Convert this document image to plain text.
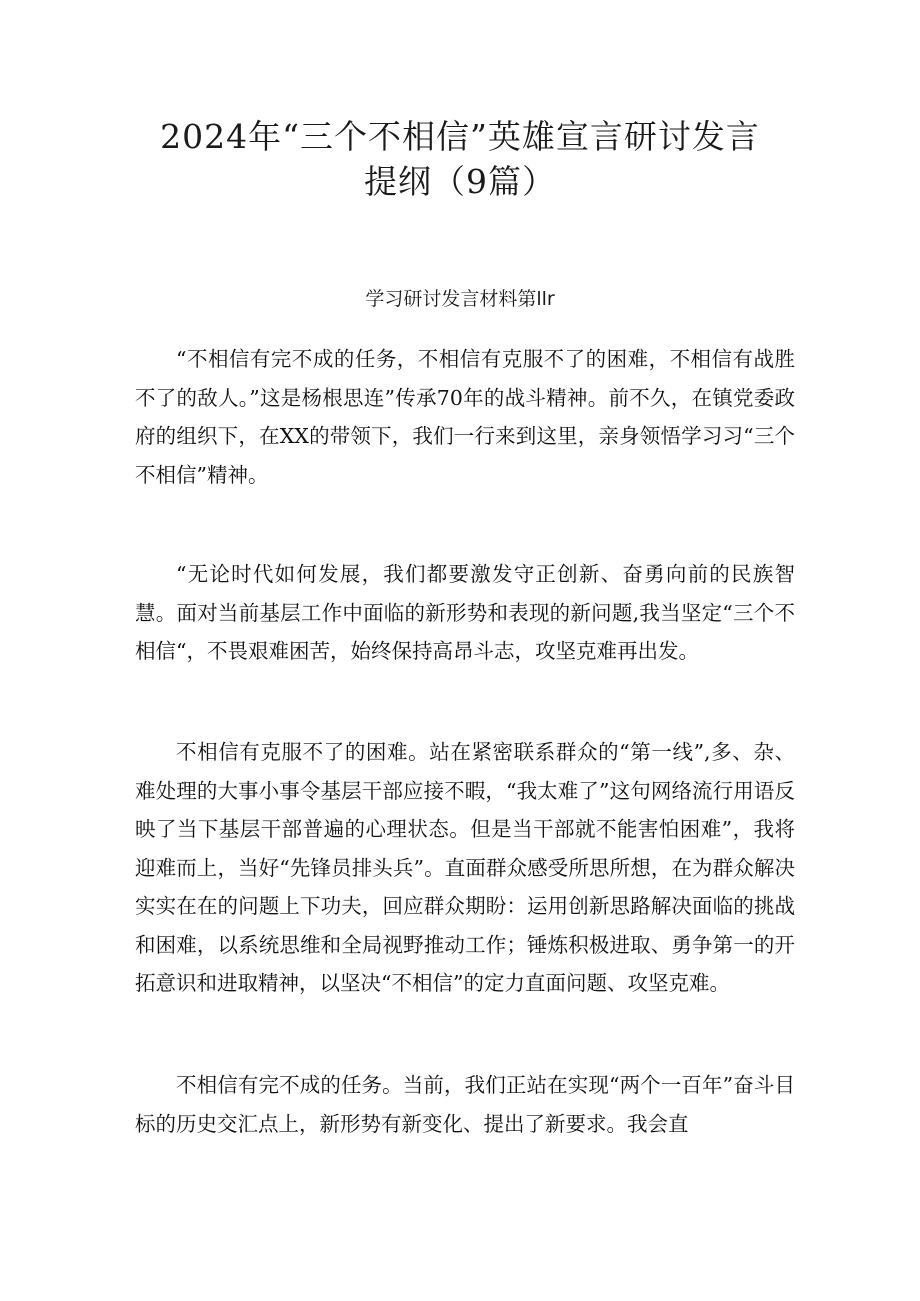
2024年“三个不相信”英雄宣言研讨发言
提纲（9篇）
学习研讨发言材料第llr

“不相信有完不成的任务，不相信有克服不了的困难，不相信有战胜不了的敌人。”这是杨根思连”传承70年的战斗精神。前不久，在镇党委政府的组织下，在XX的带领下，我们一行来到这里，亲身领悟学习习“三个不相信”精神。

“无论时代如何发展，我们都要激发守正创新、奋勇向前的民族智慧。面对当前基层工作中面临的新形势和表现的新问题,我当坚定“三个不相信“，不畏艰难困苦，始终保持高昂斗志，攻坚克难再出发。

不相信有克服不了的困难。站在紧密联系群众的“第一线”,多、杂、难处理的大事小事令基层干部应接不暇，“我太难了”这句网络流行用语反映了当下基层干部普遍的心理状态。但是当干部就不能害怕困难”，我将迎难而上，当好“先锋员排头兵”。直面群众感受所思所想，在为群众解决实实在在的问题上下功夫，回应群众期盼：运用创新思路解决面临的挑战和困难，以系统思维和全局视野推动工作；锤炼积极进取、勇争第一的开拓意识和进取精神，以坚决“不相信”的定力直面问题、攻坚克难。

不相信有完不成的任务。当前，我们正站在实现“两个一百年”奋斗目标的历史交汇点上，新形势有新变化、提出了新要求。我会直
